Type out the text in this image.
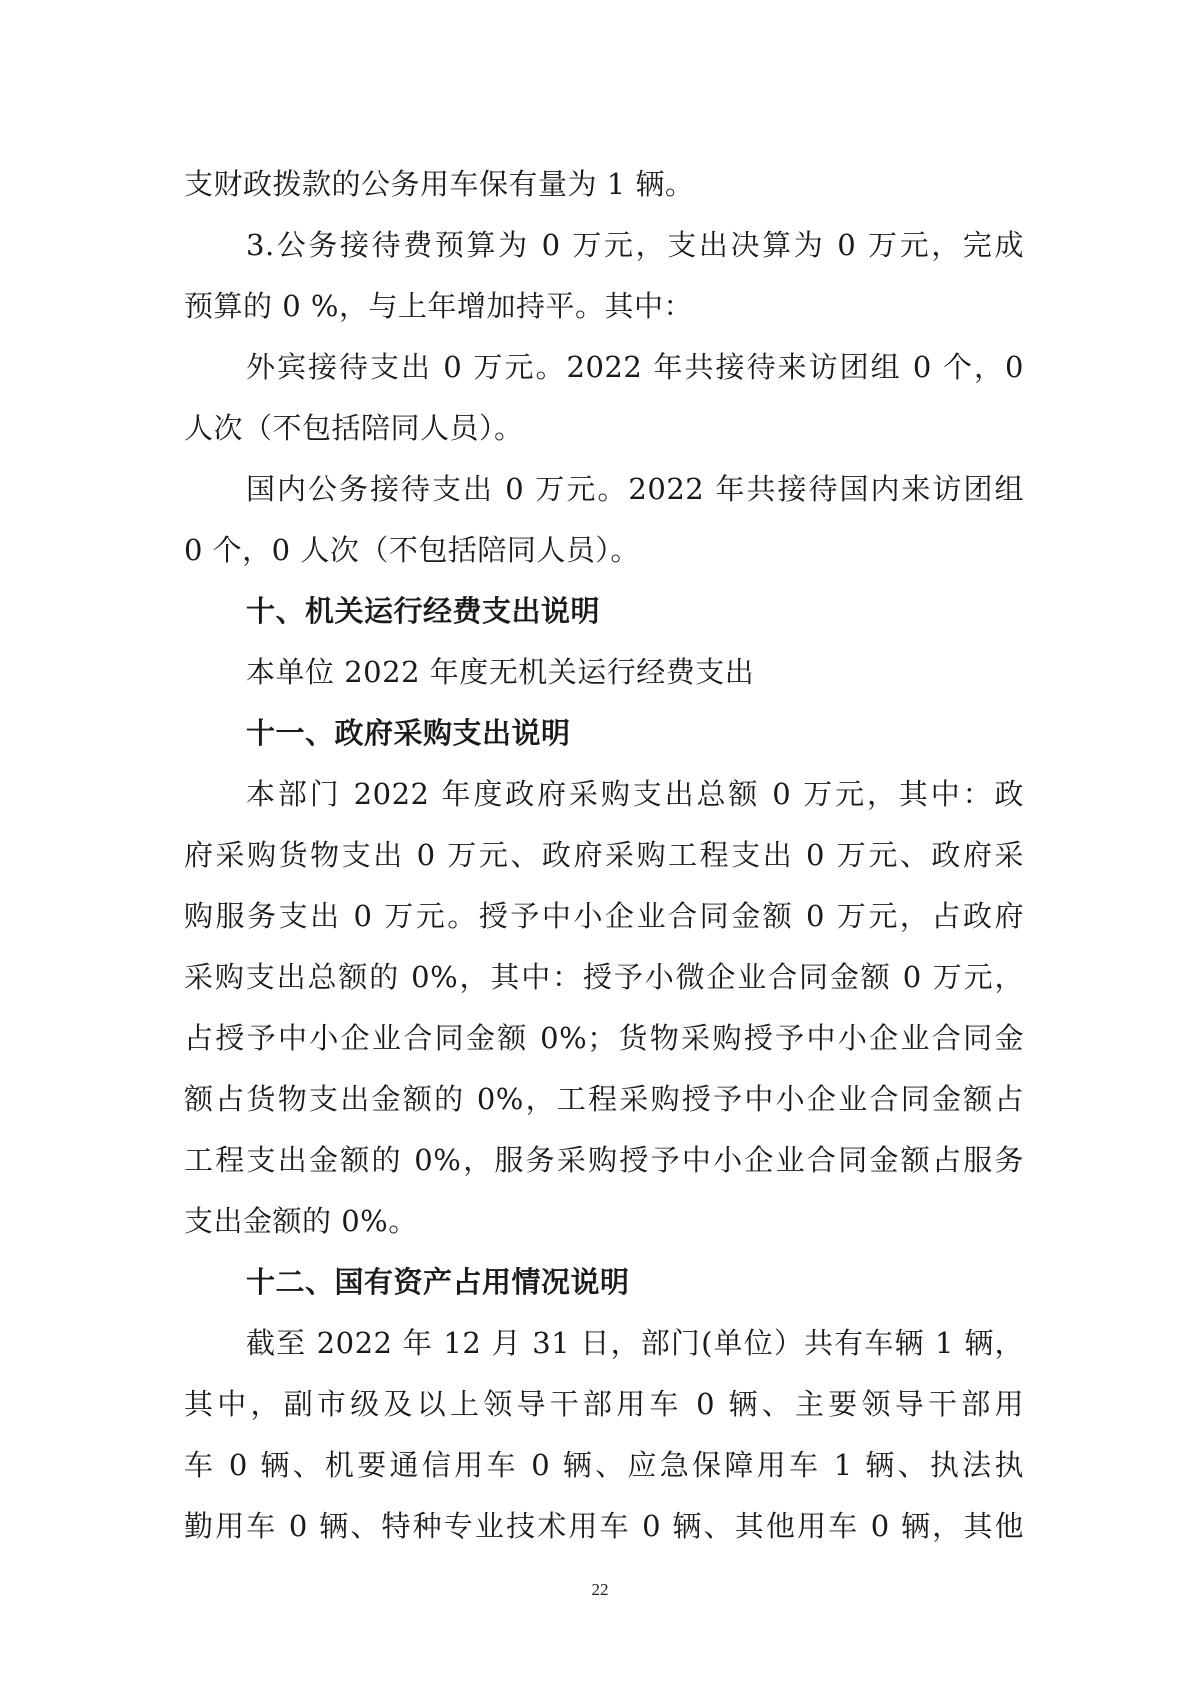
支财政拨款的公务用车保有量为 1 辆。
3.公务接待费预算为 0 万元，支出决算为 0 万元，完成
预算的 0 %，与上年增加持平。其中：
外宾接待支出 0 万元。2022 年共接待来访团组 0 个，0
人次（不包括陪同人员）。
国内公务接待支出 0 万元。2022 年共接待国内来访团组
0 个，0 人次（不包括陪同人员）。
十、机关运行经费支出说明
本单位 2022 年度无机关运行经费支出
十一、政府采购支出说明
本部门 2022 年度政府采购支出总额 0 万元，其中：政
府采购货物支出 0 万元、政府采购工程支出 0 万元、政府采
购服务支出 0 万元。授予中小企业合同金额 0 万元，占政府
采购支出总额的 0%，其中：授予小微企业合同金额 0 万元，
占授予中小企业合同金额 0%；货物采购授予中小企业合同金
额占货物支出金额的 0%，工程采购授予中小企业合同金额占
工程支出金额的 0%，服务采购授予中小企业合同金额占服务
支出金额的 0%。
十二、国有资产占用情况说明
截至 2022 年 12 月 31 日，部门(单位）共有车辆 1 辆，
其中，副市级及以上领导干部用车 0 辆、主要领导干部用
车 0 辆、机要通信用车 0 辆、应急保障用车 1 辆、执法执
勤用车 0 辆、特种专业技术用车 0 辆、其他用车 0 辆，其他
22
